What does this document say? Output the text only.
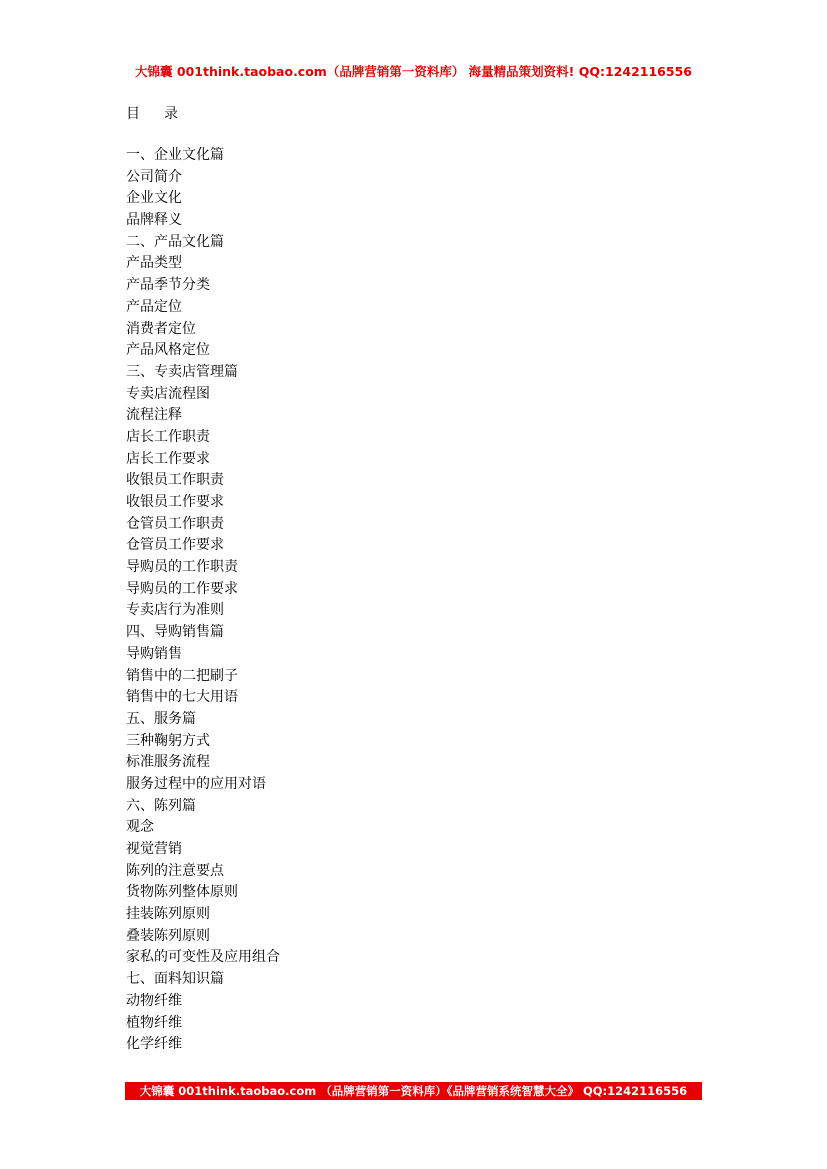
大锦囊 001think.taobao.com（品牌营销第一资料库） 海量精品策划资料! QQ:1242116556
目 录
一、企业文化篇
公司简介
企业文化
品牌释义
二、产品文化篇
产品类型
产品季节分类
产品定位
消费者定位
产品风格定位
三、专卖店管理篇
专卖店流程图
流程注释
店长工作职责
店长工作要求
收银员工作职责
收银员工作要求
仓管员工作职责
仓管员工作要求
导购员的工作职责
导购员的工作要求
专卖店行为准则
四、导购销售篇
导购销售
销售中的二把刷子
销售中的七大用语
五、服务篇
三种鞠躬方式
标准服务流程
服务过程中的应用对语
六、陈列篇
观念
视觉营销
陈列的注意要点
货物陈列整体原则
挂装陈列原则
叠装陈列原则
家私的可变性及应用组合
七、面料知识篇
动物纤维
植物纤维
化学纤维
大锦囊 001think.taobao.com （品牌营销第一资料库）《品牌营销系统智慧大全》 QQ:1242116556
